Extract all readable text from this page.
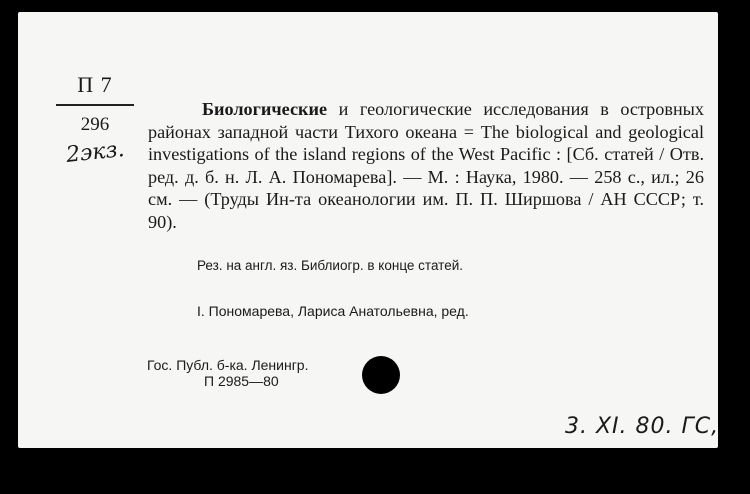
П 7
296
2экз.
Биологические и геологические исследования в островных районах западной части Тихого океана = The biological and geological investigations of the island regions of the West Pacific : [Сб. статей / Отв. ред. д. б. н. Л. А. Пономарева]. — М. : Наука, 1980. — 258 с., ил.; 26 см. — (Труды Ин-та океанологии им. П. П. Ширшова / АН СССР; т. 90).
Рез. на англ. яз. Библиогр. в конце статей.
I. Пономарева, Лариса Анатольевна, ред.
Гос. Публ. б-ка. Ленингр.
П 2985—80
3. XI. 80. ГС,
